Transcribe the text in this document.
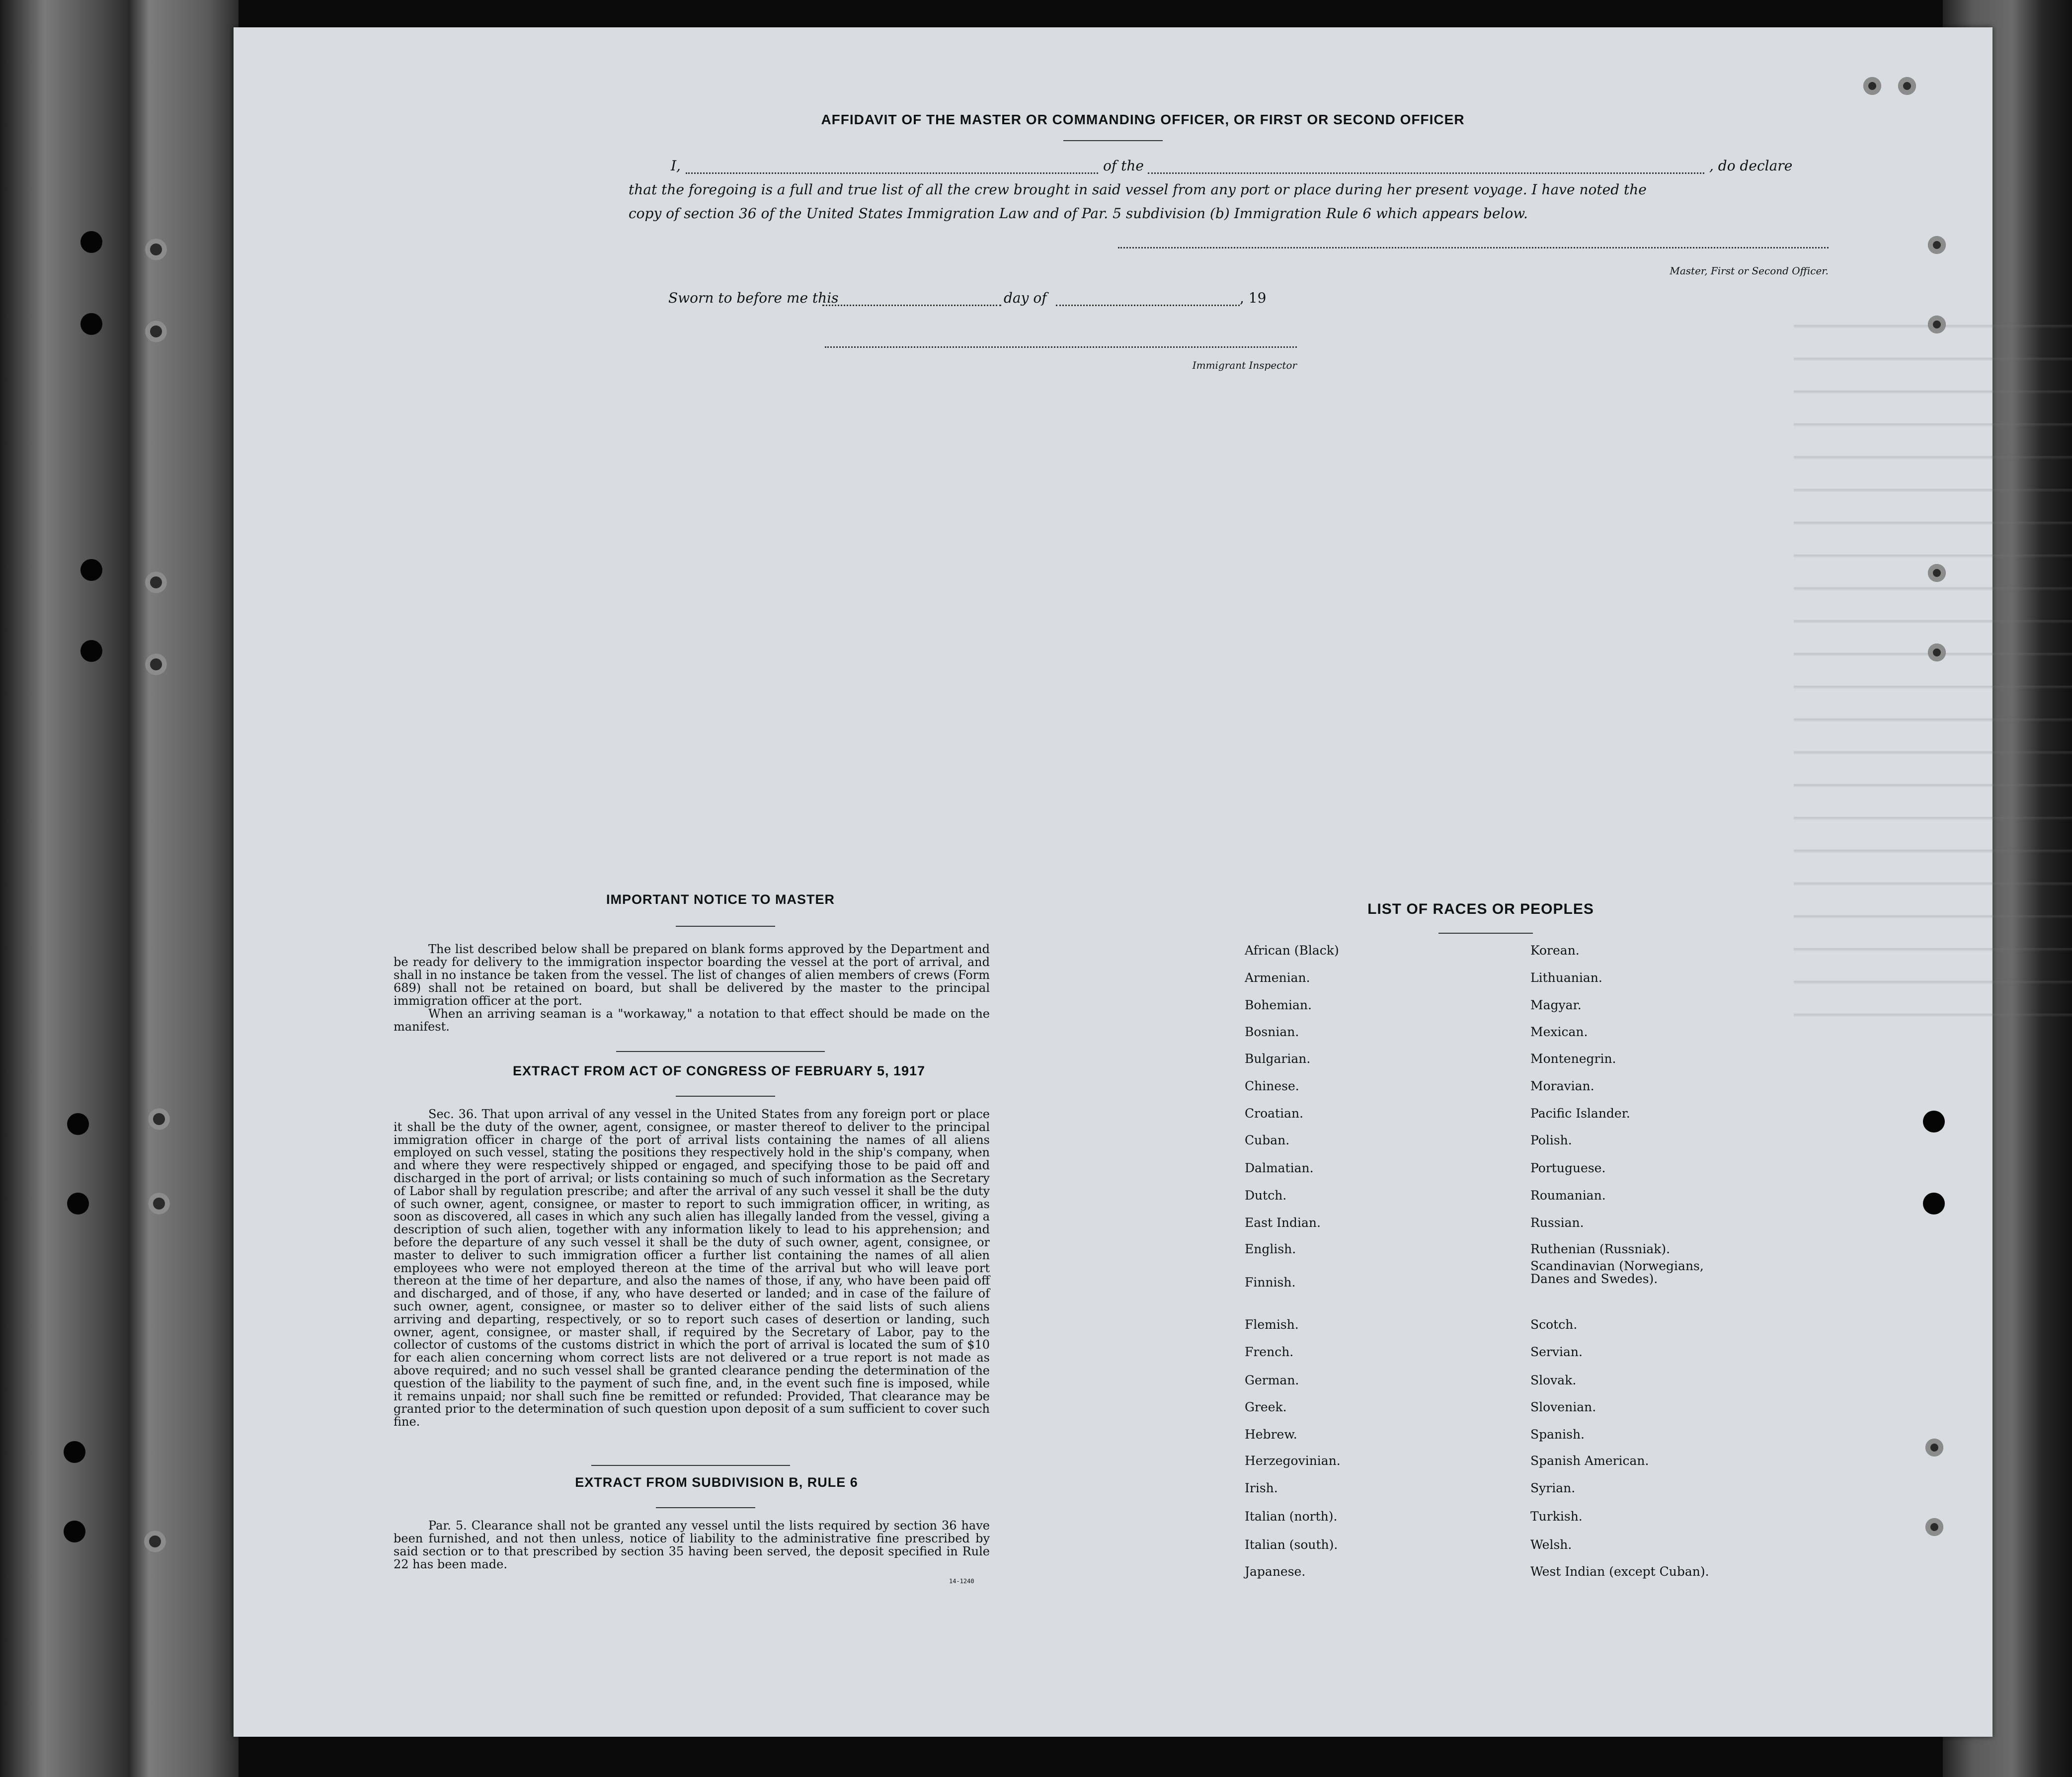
AFFIDAVIT OF THE MASTER OR COMMANDING OFFICER, OR FIRST OR SECOND OFFICER
I,	of the	, do declare
that the foregoing is a full and true list of all the crew brought in said vessel from any port or place during her present voyage. I have noted the
copy of section 36 of the United States Immigration Law and of Par. 5 subdivision (b) Immigration Rule 6 which appears below.
Master, First or Second Officer.
Sworn to before me this	day of	, 19
Immigrant Inspector
IMPORTANT NOTICE TO MASTER
The list described below shall be prepared on blank forms approved by the Department and be ready for delivery to the immigration inspector boarding the vessel at the port of arrival, and shall in no instance be taken from the vessel. The list of changes of alien members of crews (Form 689) shall not be retained on board, but shall be delivered by the master to the principal immigration officer at the port.
When an arriving seaman is a "workaway," a notation to that effect should be made on the manifest.
EXTRACT FROM ACT OF CONGRESS OF FEBRUARY 5, 1917
Sec. 36. That upon arrival of any vessel in the United States from any foreign port or place it shall be the duty of the owner, agent, consignee, or master thereof to deliver to the principal immigration officer in charge of the port of arrival lists containing the names of all aliens employed on such vessel, stating the positions they respectively hold in the ship's company, when and where they were respectively shipped or engaged, and specifying those to be paid off and discharged in the port of arrival; or lists containing so much of such information as the Secretary of Labor shall by regulation prescribe; and after the arrival of any such vessel it shall be the duty of such owner, agent, consignee, or master to report to such immigration officer, in writing, as soon as discovered, all cases in which any such alien has illegally landed from the vessel, giving a description of such alien, together with any information likely to lead to his apprehension; and before the departure of any such vessel it shall be the duty of such owner, agent, consignee, or master to deliver to such immigration officer a further list containing the names of all alien employees who were not employed thereon at the time of the arrival but who will leave port thereon at the time of her departure, and also the names of those, if any, who have been paid off and discharged, and of those, if any, who have deserted or landed; and in case of the failure of such owner, agent, consignee, or master so to deliver either of the said lists of such aliens arriving and departing, respectively, or so to report such cases of desertion or landing, such owner, agent, consignee, or master shall, if required by the Secretary of Labor, pay to the collector of customs of the customs district in which the port of arrival is located the sum of $10 for each alien concerning whom correct lists are not delivered or a true report is not made as above required; and no such vessel shall be granted clearance pending the determination of the question of the liability to the payment of such fine, and, in the event such fine is imposed, while it remains unpaid; nor shall such fine be remitted or refunded: Provided, That clearance may be granted prior to the determination of such question upon deposit of a sum sufficient to cover such fine.
EXTRACT FROM SUBDIVISION B, RULE 6
Par. 5. Clearance shall not be granted any vessel until the lists required by section 36 have been furnished, and not then unless, notice of liability to the administrative fine prescribed by said section or to that prescribed by section 35 having been served, the deposit specified in Rule 22 has been made.
14-1240
LIST OF RACES OR PEOPLES
African (Black)
Armenian.
Bohemian.
Bosnian.
Bulgarian.
Chinese.
Croatian.
Cuban.
Dalmatian.
Dutch.
East Indian.
English.
Finnish.
Flemish.
French.
German.
Greek.
Hebrew.
Herzegovinian.
Irish.
Italian (north).
Italian (south).
Japanese.
Korean.
Lithuanian.
Magyar.
Mexican.
Montenegrin.
Moravian.
Pacific Islander.
Polish.
Portuguese.
Roumanian.
Russian.
Ruthenian (Russniak).
Scandinavian (Norwegians, Danes and Swedes).
Scotch.
Servian.
Slovak.
Slovenian.
Spanish.
Spanish American.
Syrian.
Turkish.
Welsh.
West Indian (except Cuban).
